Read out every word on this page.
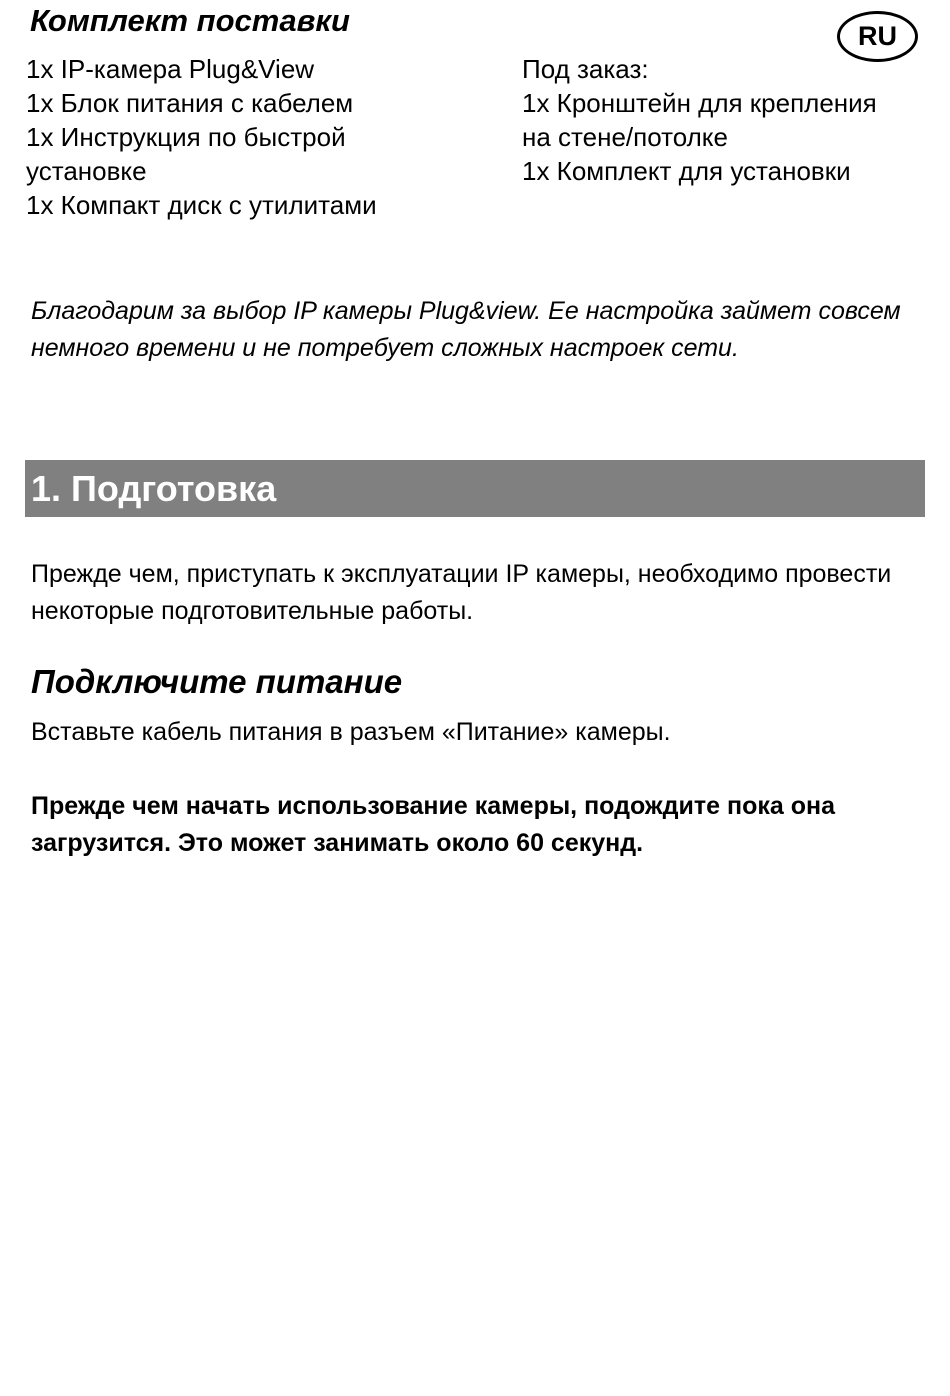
Комплект поставки	RU
1x IP-камера Plug&View
1x Блок питания с кабелем
1x Инструкция по быстрой
установке
1x Компакт диск с утилитами
Под заказ:
1x Кронштейн для крепления
на стене/потолке
1x Комплект для установки

Благодарим за выбор IP камеры Plug&view. Ее настройка займет совсем немного времени и не потребует сложных настроек сети.

1. Подготовка

Прежде чем, приступать к эксплуатации IP камеры, необходимо провести некоторые подготовительные работы.

Подключите питание

Вставьте кабель питания в разъем «Питание» камеры.

Прежде чем начать использование камеры, подождите пока она загрузится. Это может занимать около 60 секунд.
